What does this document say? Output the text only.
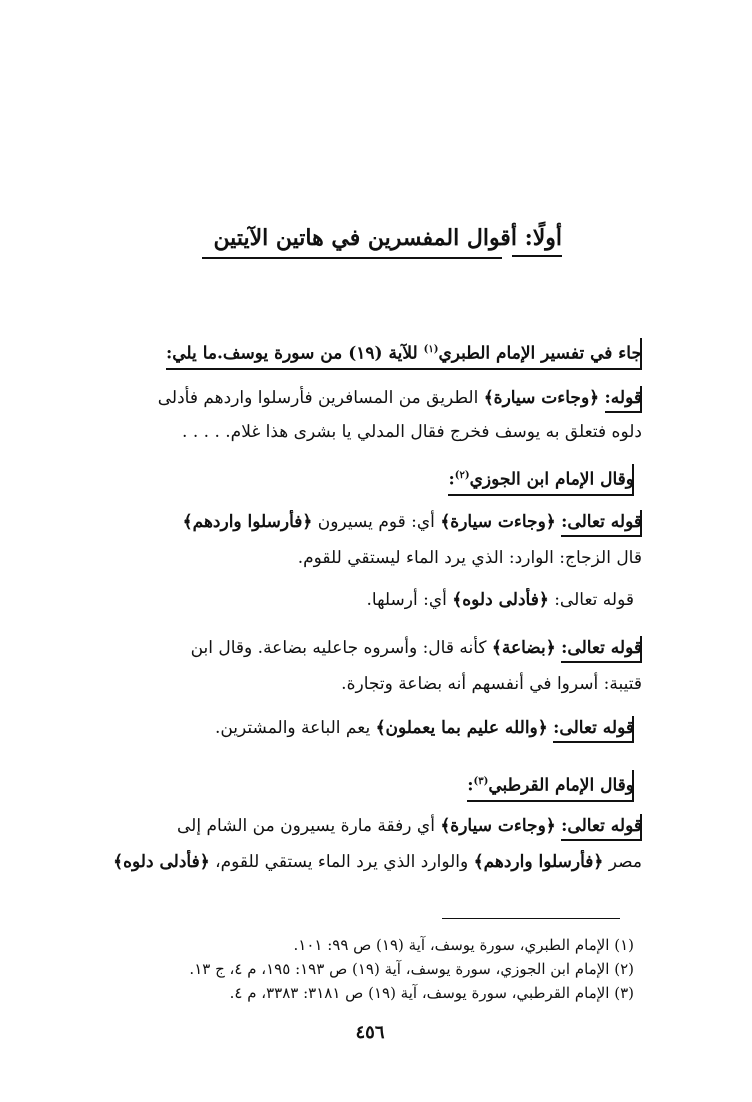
أولًا: أقوال المفسرين في هاتين الآيتين
جاء في تفسير الإمام الطبري$^{(١)}$ للآية (١٩) من سورة يوسف.ما يلي:
قوله: ﴿وجاءت سيارة﴾ الطريق من المسافرين فأرسلوا واردهم فأدلى
دلوه فتعلق به يوسف فخرج فقال المدلي يا بشرى هذا غلام. . . . .
وقال الإمام ابن الجوزي$^{(٢)}$:
قوله تعالى: ﴿وجاءت سيارة﴾ أي: قوم يسيرون ﴿فأرسلوا واردهم﴾
قال الزجاج: الوارد: الذي يرد الماء ليستقي للقوم.
قوله تعالى: ﴿فأدلى دلوه﴾ أي: أرسلها.
قوله تعالى: ﴿بضاعة﴾ كأنه قال: وأسروه جاعليه بضاعة. وقال ابن
قتيبة: أسروا في أنفسهم أنه بضاعة وتجارة.
قوله تعالى: ﴿والله عليم بما يعملون﴾ يعم الباعة والمشترين.
وقال الإمام القرطبي$^{(٣)}$:
قوله تعالى: ﴿وجاءت سيارة﴾ أي رفقة مارة يسيرون من الشام إلى
مصر ﴿فأرسلوا واردهم﴾ والوارد الذي يرد الماء يستقي للقوم، ﴿فأدلى دلوه﴾
(١) الإمام الطبري، سورة يوسف، آية (١٩) ص ٩٩: ١٠١.
(٢) الإمام ابن الجوزي، سورة يوسف، آية (١٩) ص ١٩٣: ١٩٥، م ٤، ج ١٣.
(٣) الإمام القرطبي، سورة يوسف، آية (١٩) ص ٣١٨١: ٣٣٨٣، م ٤.
٤٥٦
